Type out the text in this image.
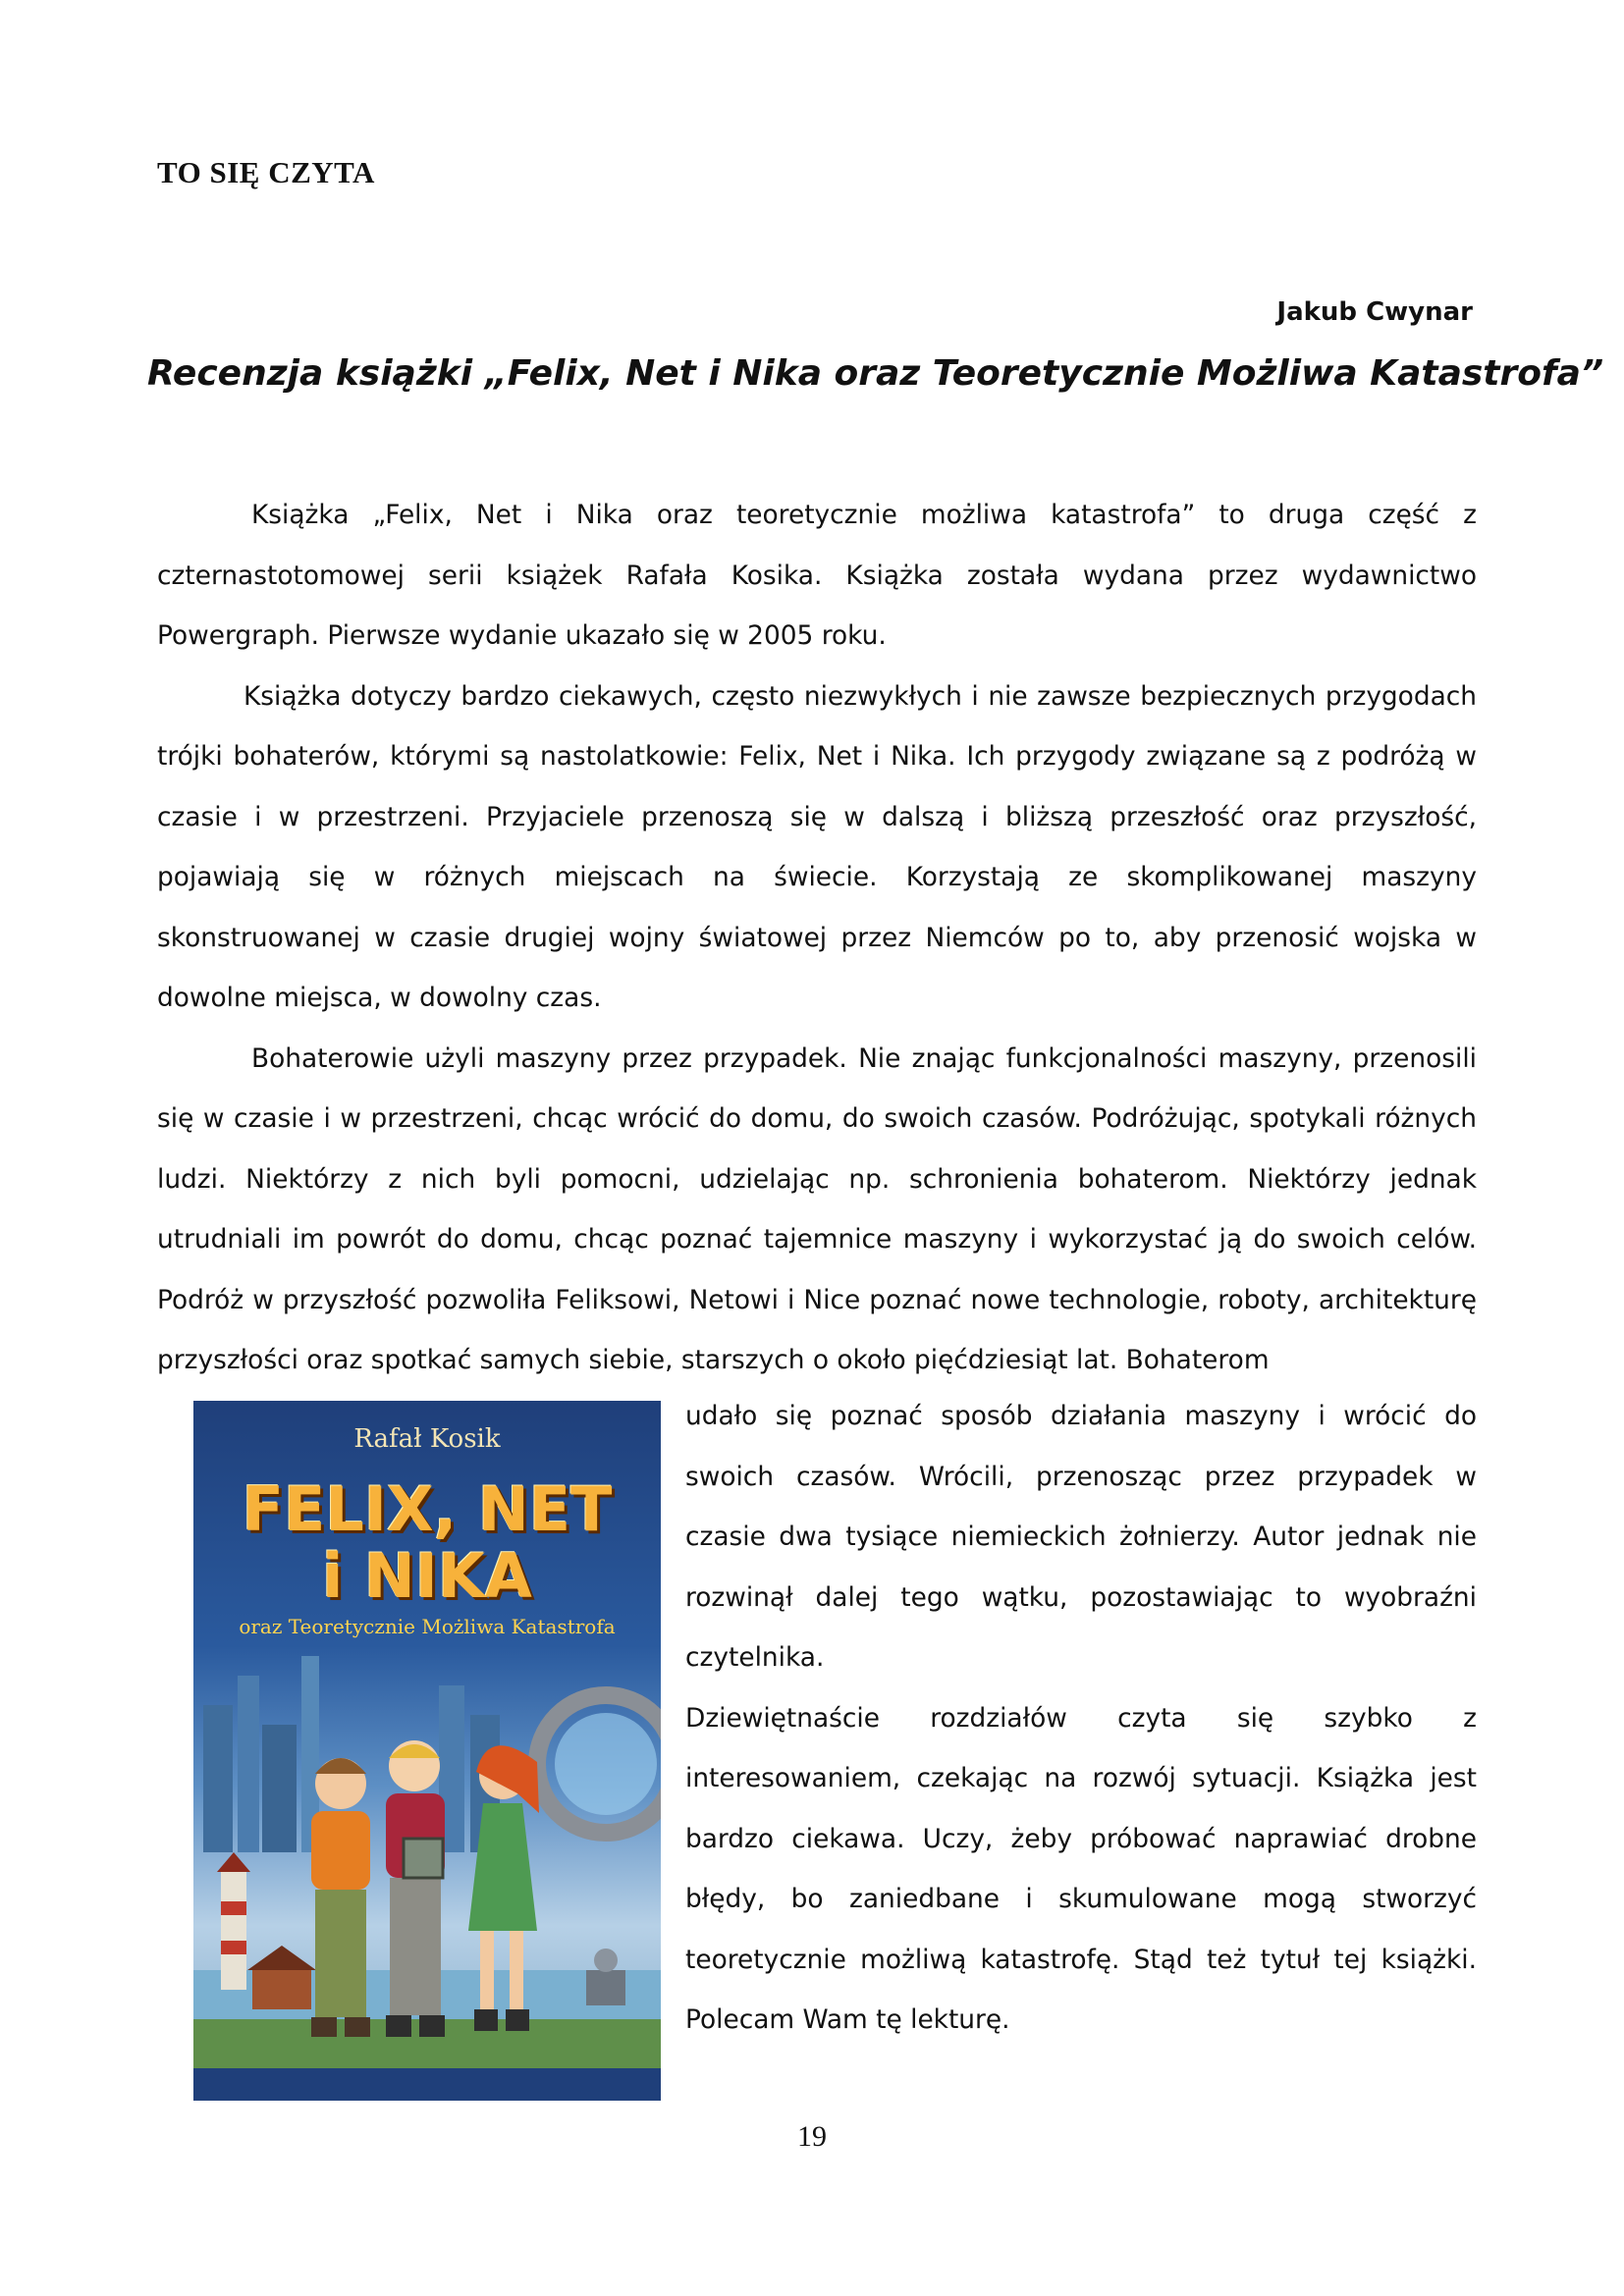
TO SIĘ CZYTA
Jakub Cwynar
Recenzja książki „Felix, Net i Nika oraz Teoretycznie Możliwa Katastrofa”

Książka „Felix, Net i Nika oraz teoretycznie możliwa katastrofa” to druga część z czternastotomowej serii książek Rafała Kosika. Książka została wydana przez wydawnictwo Powergraph. Pierwsze wydanie ukazało się w 2005 roku.

Książka dotyczy bardzo ciekawych, często niezwykłych i nie zawsze bezpiecznych przygodach trójki bohaterów, którymi są nastolatkowie: Felix, Net i Nika. Ich przygody związane są z podróżą w czasie i w przestrzeni. Przyjaciele przenoszą się w dalszą i bliższą przeszłość oraz przyszłość, pojawiają się w różnych miejscach na świecie. Korzystają ze skomplikowanej maszyny skonstruowanej w czasie drugiej wojny światowej przez Niemców po to, aby przenosić wojska w dowolne miejsca, w dowolny czas.

Bohaterowie użyli maszyny przez przypadek. Nie znając funkcjonalności maszyny, przenosili się w czasie i w przestrzeni, chcąc wrócić do domu, do swoich czasów. Podróżując, spotykali różnych ludzi. Niektórzy z nich byli pomocni, udzielając np. schronienia bohaterom. Niektórzy jednak utrudniali im powrót do domu, chcąc poznać tajemnice maszyny i wykorzystać ją do swoich celów. Podróż w przyszłość pozwoliła Feliksowi, Netowi i Nice poznać nowe technologie, roboty, architekturę przyszłości oraz spotkać samych siebie, starszych o około pięćdziesiąt lat. Bohaterom

Rafał Kosik
FELIX, NET
i NIKA
oraz Teoretycznie Możliwa Katastrofa

udało się poznać sposób działania maszyny i wrócić do swoich czasów. Wrócili, przenosząc przez przypadek w czasie dwa tysiące niemieckich żołnierzy. Autor jednak nie rozwinął dalej tego wątku, pozostawiając to wyobraźni czytelnika.

Dziewiętnaście rozdziałów czyta się szybko z interesowaniem, czekając na rozwój sytuacji. Książka jest bardzo ciekawa. Uczy, żeby próbować naprawiać drobne błędy, bo zaniedbane i skumulowane mogą stworzyć teoretycznie możliwą katastrofę. Stąd też tytuł tej książki. Polecam Wam tę lekturę.

19
